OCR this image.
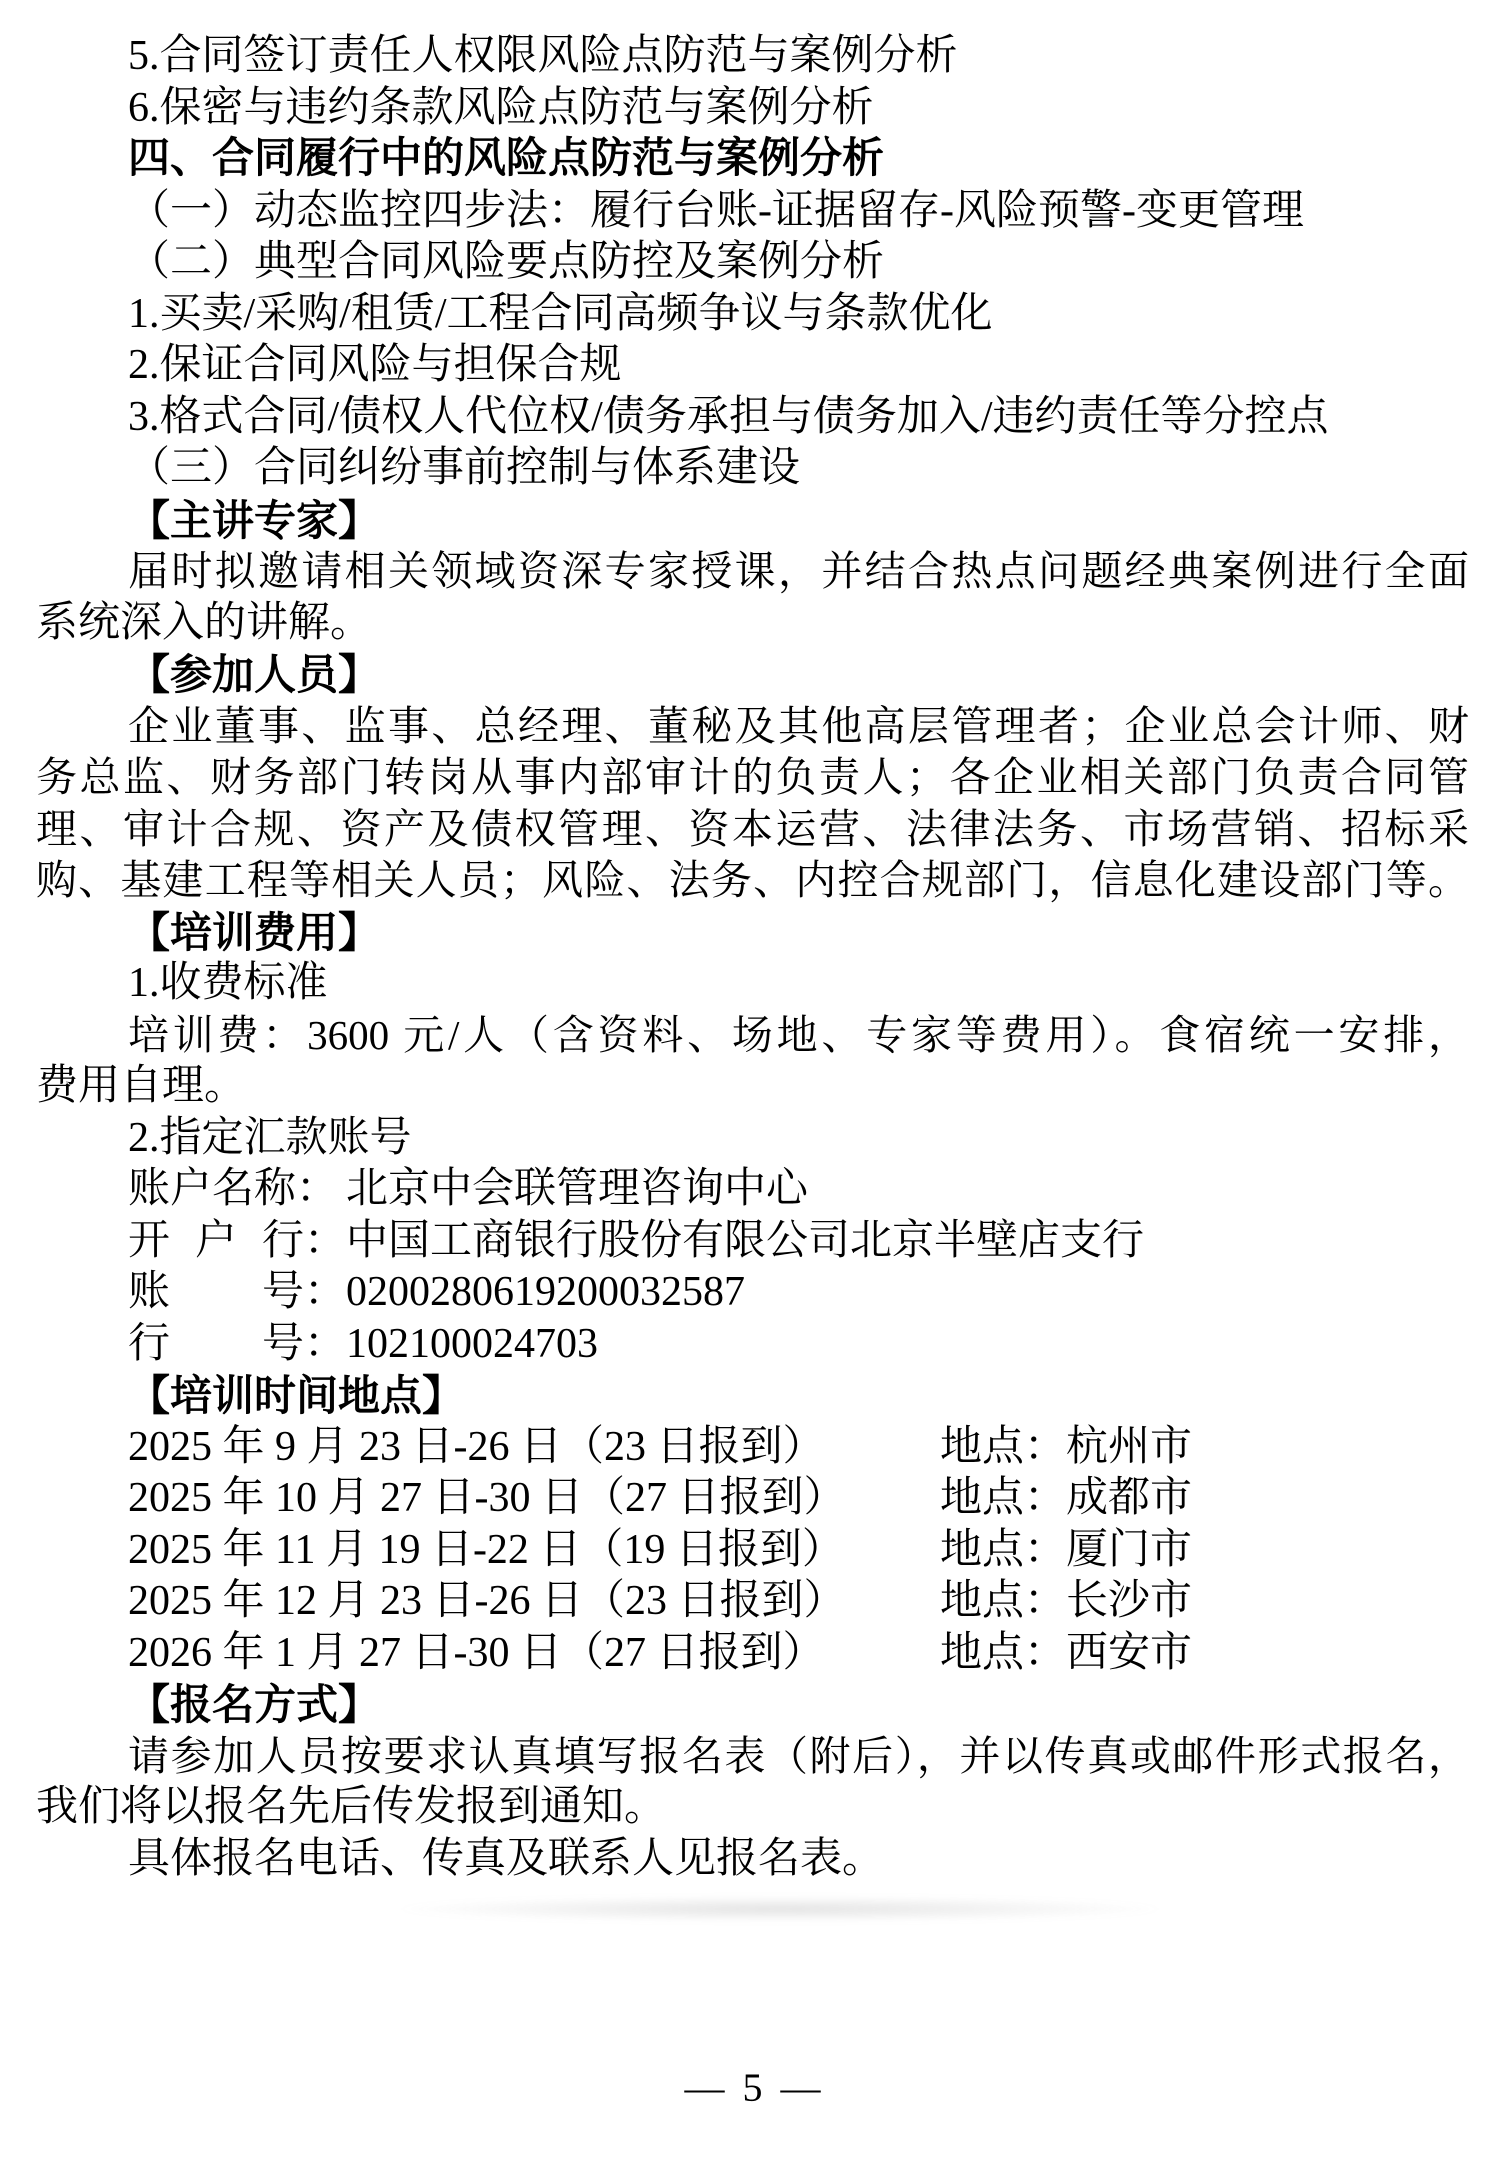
5.合同签订责任人权限风险点防范与案例分析
6.保密与违约条款风险点防范与案例分析
四、合同履行中的风险点防范与案例分析
（一）动态监控四步法：履行台账-证据留存-风险预警-变更管理
（二）典型合同风险要点防控及案例分析
1.买卖/采购/租赁/工程合同高频争议与条款优化
2.保证合同风险与担保合规
3.格式合同/债权人代位权/债务承担与债务加入/违约责任等分控点
（三）合同纠纷事前控制与体系建设
【主讲专家】
届时拟邀请相关领域资深专家授课，并结合热点问题经典案例进行全面
系统深入的讲解。
【参加人员】
企业董事、监事、总经理、董秘及其他高层管理者；企业总会计师、财
务总监、财务部门转岗从事内部审计的负责人；各企业相关部门负责合同管
理、审计合规、资产及债权管理、资本运营、法律法务、市场营销、招标采
购、基建工程等相关人员；风险、法务、内控合规部门，信息化建设部门等。
【培训费用】
1.收费标准
培训费：3600 元/人（含资料、场地、专家等费用）。食宿统一安排，
费用自理。
2.指定汇款账号
账户名称： 北京中会联管理咨询中心
开 户 行： 中国工商银行股份有限公司北京半壁店支行
账 号： 0200280619200032587
行 号： 102100024703
【培训时间地点】
2025 年 9 月 23 日-26 日（23 日报到）	地点：杭州市
2025 年 10 月 27 日-30 日（27 日报到） 地点：成都市
2025 年 11 月 19 日-22 日（19 日报到） 地点：厦门市
2025 年 12 月 23 日-26 日（23 日报到） 地点：长沙市
2026 年 1 月 27 日-30 日（27 日报到）	地点：西安市
【报名方式】
请参加人员按要求认真填写报名表（附后），并以传真或邮件形式报名，
我们将以报名先后传发报到通知。
具体报名电话、传真及联系人见报名表。
— 5 —
